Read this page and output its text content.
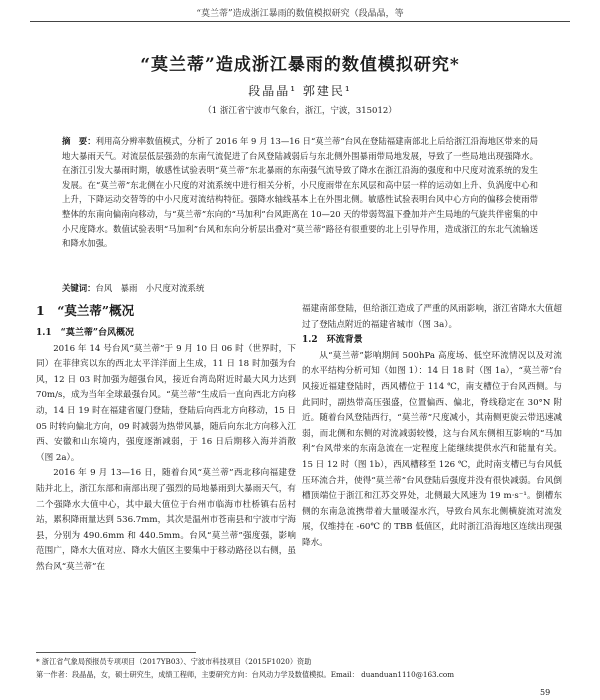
“莫兰蒂”造成浙江暴雨的数值模拟研究（段晶晶，等
“莫兰蒂”造成浙江暴雨的数值模拟研究*
段晶晶¹ 郭建民¹
（1 浙江省宁波市气象台，浙江，宁波，315012）
摘　要：利用高分辨率数值模式，分析了 2016 年 9 月 13—16 日“莫兰蒂”台风在登陆福建南部北上后给浙江沿海地区带来的局地大暴雨天气。对流层低层强劲的东南气流促进了台风登陆减弱后与东北侧外围暴雨带局地发展，导致了一些局地出现强降水。在浙江引发大暴雨时期，敏感性试验表明“莫兰蒂”东北暴雨的东南强气流导致了降水在浙江沿海的强度和中尺度对流系统的发生发展。在“莫兰蒂”东北侧在小尺度的对流系统中进行相关分析，小尺度雨带在东风层和高中层一样的运动如上升、负涡度中心和上升，下降运动交替等的中小尺度对流结构特征。强降水轴线基本上在外围北侧。敏感性试验表明台风中心方向的偏移会使雨带整体的东南向偏南向移动，与“莫兰蒂”东向的“马加利”台风距离在 10—20 天的带弱驾温下叠加并产生局地的气旋共伴密集的中小尺度降水。数值试验表明“马加利”台风和东向分析层出叠对“莫兰蒂”路径有很重要的北上引导作用，造成浙江的东北气流输送和降水加强。
关键词：台风　暴雨　小尺度对流系统
1　“莫兰蒂”概况

1.1　“莫兰蒂”台风概况

2016 年 14 号台风“莫兰蒂”于 9 月 10 日 06 时（世界时，下同）在菲律宾以东的西北太平洋洋面上生成，11 日 18 时加强为台风，12 日 03 时加强为超强台风，接近台湾岛附近时最大风力达到 70m/s，成为当年全球最强台风。“莫兰蒂”生成后一直向西北方向移动，14 日 19 时在福建省厦门登陆，登陆后向西北方向移动，15 日 05 时转向偏北方向，09 时减弱为热带风暴，随后向东北方向移入江西、安徽和山东境内，强度逐渐减弱，于 16 日后期移入海并消散（图 2a）。

2016 年 9 月 13—16 日，随着台风“莫兰蒂”西北移向福建登陆并北上，浙江东部和南部出现了强烈的局地暴雨到大暴雨天气，有二个强降水大值中心，其中最大值位于台州市临海市杜桥镇右岳村站，累积降雨量达到 536.7mm，其次是温州市苍南县和宁波市宁海县，分别为 490.6mm 和 440.5mm。台风“莫兰蒂”强度强，影响范围广，降水大值对应、降水大值区主要集中于移动路径以右侧，虽然台风“莫兰蒂”在

福建南部登陆，但给浙江造成了严重的风雨影响，浙江省降水大值超过了登陆点附近的福建省城市（图 3a）。

1.2　环流背景

从“莫兰蒂”影响期间 500hPa 高度场、低空环流情况以及对流的水平结构分析可知（如图 1）：14 日 18 时（图 1a），“莫兰蒂”台风接近福建登陆时，西风槽位于 114 ℃，南支槽位于台风西侧。与此同时，副热带高压强盛，位置偏西、偏北，脊线稳定在 30°N 附近。随着台风登陆西行，“莫兰蒂”尺度减小，其南侧更旋云带迅速减弱，而北侧和东侧的对流减弱较慢，这与台风东侧相互影响的“马加利”台风带来的东南急流在一定程度上能继续提供水汽和能量有关。15 日 12 时（图 1b），西风槽移至 126 ℃，此时南支槽已与台风低压环流合并，使得“莫兰蒂”台风登陆后强度并没有很快减弱。台风倒槽顶端位于浙江和江苏交界处，北侧最大风速为 19 m·s⁻¹。倒槽东侧的东南急流携带着大量暖湿水汽，导致台风东北侧横旋流对流发展，仅维持在 -60℃ 的 TBB 低值区，此时浙江沿海地区连续出现强降水。

* 浙江省气象局预报员专项项目（2017YB03）、宁波市科技项目（2015F1020）资助
第一作者：段晶晶，女，硕士研究生，成绩工程师，主要研究方向：台风动力学及数值模拟。Email： duanduan1110@163.com
59
